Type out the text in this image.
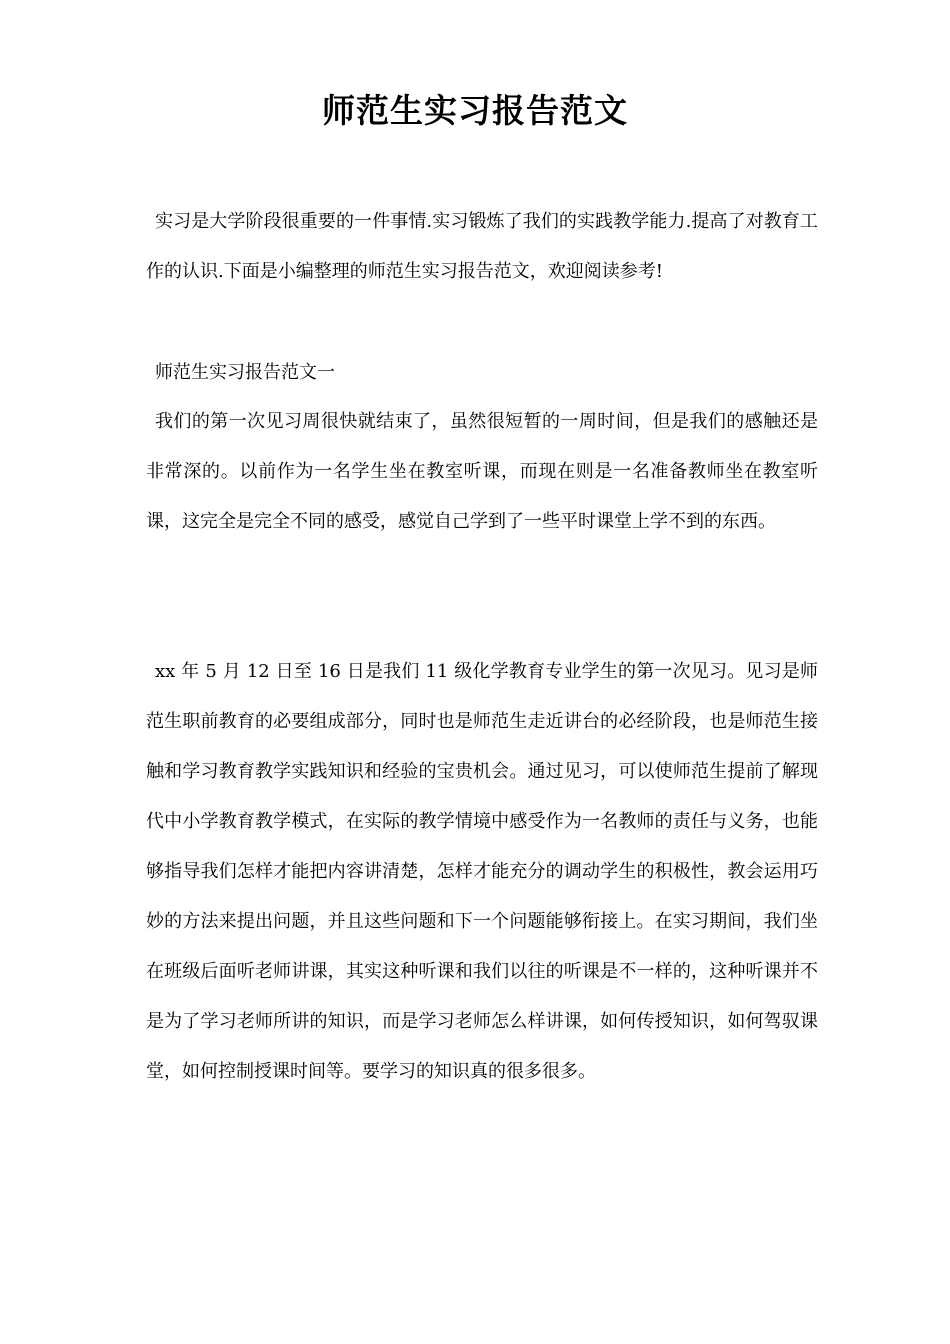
师范生实习报告范文

实习是大学阶段很重要的一件事情.实习锻炼了我们的实践教学能力.提高了对教育工作的认识.下面是小编整理的师范生实习报告范文，欢迎阅读参考!

师范生实习报告范文一

我们的第一次见习周很快就结束了，虽然很短暂的一周时间，但是我们的感触还是非常深的。以前作为一名学生坐在教室听课，而现在则是一名准备教师坐在教室听课，这完全是完全不同的感受，感觉自己学到了一些平时课堂上学不到的东西。

xx 年 5 月 12 日至 16 日是我们 11 级化学教育专业学生的第一次见习。见习是师范生职前教育的必要组成部分，同时也是师范生走近讲台的必经阶段，也是师范生接触和学习教育教学实践知识和经验的宝贵机会。通过见习，可以使师范生提前了解现代中小学教育教学模式，在实际的教学情境中感受作为一名教师的责任与义务，也能够指导我们怎样才能把内容讲清楚，怎样才能充分的调动学生的积极性，教会运用巧妙的方法来提出问题，并且这些问题和下一个问题能够衔接上。在实习期间，我们坐在班级后面听老师讲课，其实这种听课和我们以往的听课是不一样的，这种听课并不是为了学习老师所讲的知识，而是学习老师怎么样讲课，如何传授知识，如何驾驭课堂，如何控制授课时间等。要学习的知识真的很多很多。
